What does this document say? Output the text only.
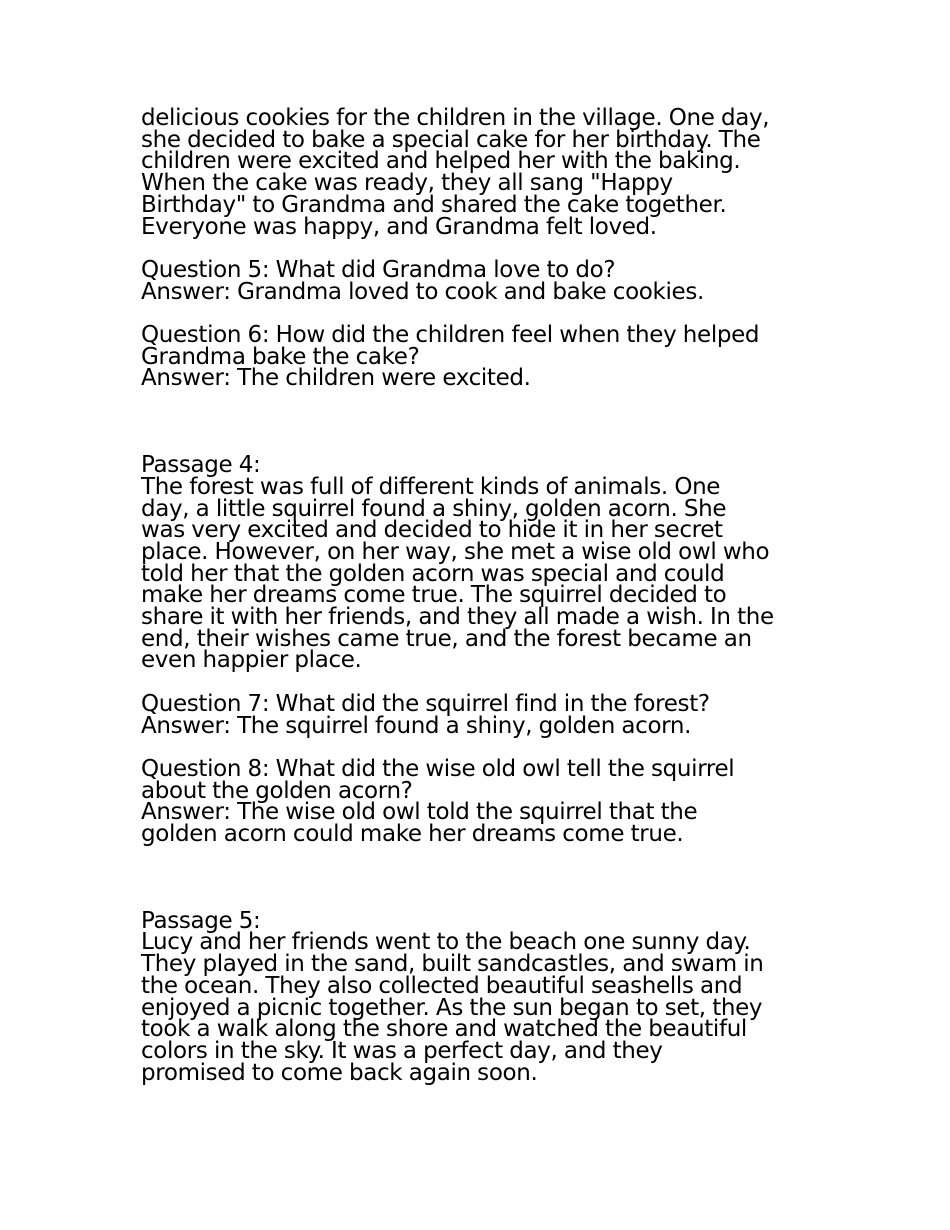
delicious cookies for the children in the village. One day,
she decided to bake a special cake for her birthday. The
children were excited and helped her with the baking.
When the cake was ready, they all sang "Happy
Birthday" to Grandma and shared the cake together.
Everyone was happy, and Grandma felt loved.
Question 5: What did Grandma love to do?
Answer: Grandma loved to cook and bake cookies.
Question 6: How did the children feel when they helped
Grandma bake the cake?
Answer: The children were excited.
Passage 4:
The forest was full of different kinds of animals. One
day, a little squirrel found a shiny, golden acorn. She
was very excited and decided to hide it in her secret
place. However, on her way, she met a wise old owl who
told her that the golden acorn was special and could
make her dreams come true. The squirrel decided to
share it with her friends, and they all made a wish. In the
end, their wishes came true, and the forest became an
even happier place.
Question 7: What did the squirrel find in the forest?
Answer: The squirrel found a shiny, golden acorn.
Question 8: What did the wise old owl tell the squirrel
about the golden acorn?
Answer: The wise old owl told the squirrel that the
golden acorn could make her dreams come true.
Passage 5:
Lucy and her friends went to the beach one sunny day.
They played in the sand, built sandcastles, and swam in
the ocean. They also collected beautiful seashells and
enjoyed a picnic together. As the sun began to set, they
took a walk along the shore and watched the beautiful
colors in the sky. It was a perfect day, and they
promised to come back again soon.
